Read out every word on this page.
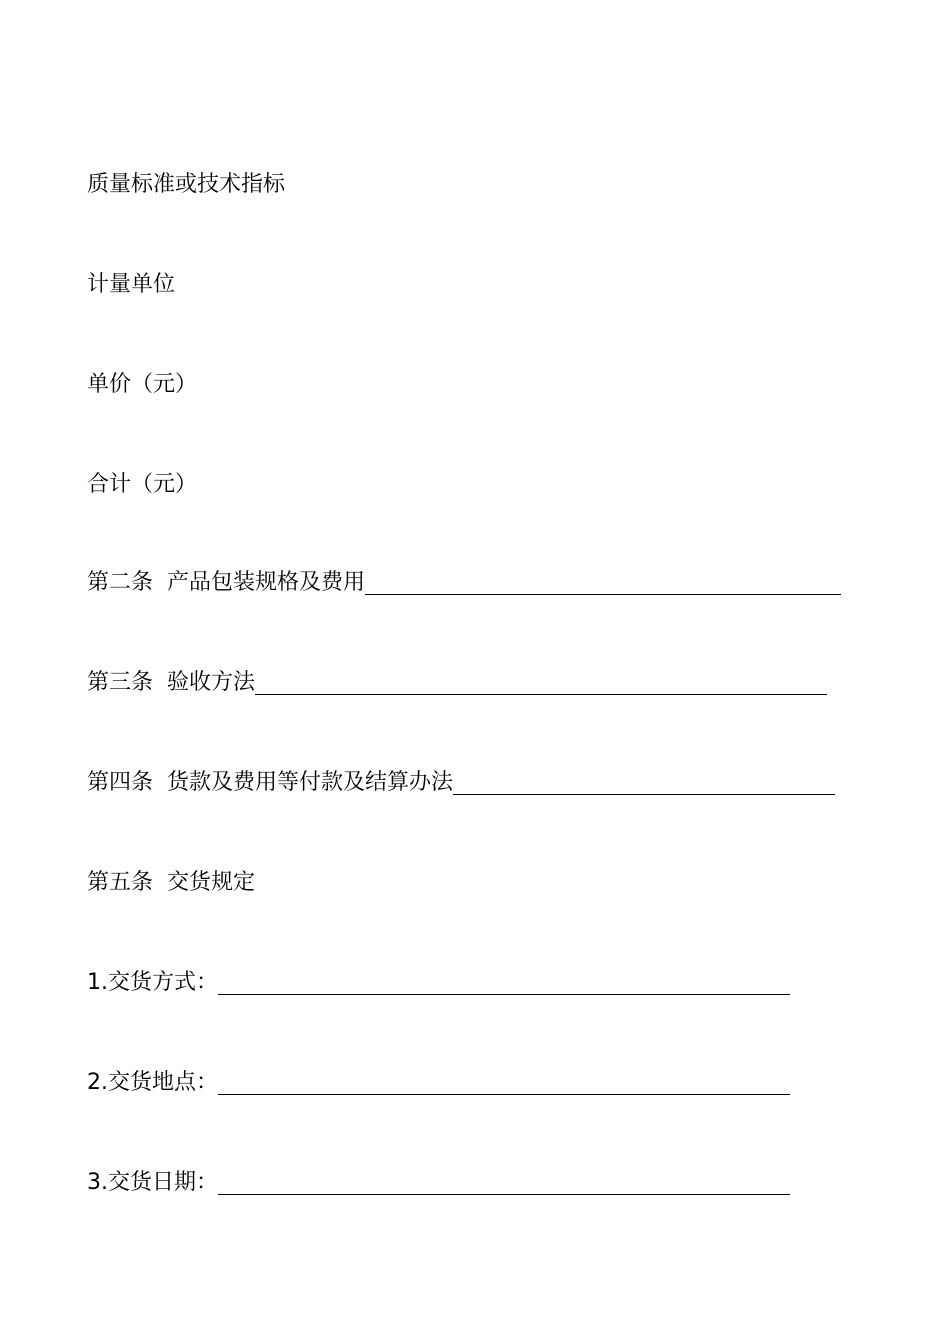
质量标准或技术指标
计量单位
单价（元）
合计（元）
第二条 产品包装规格及费用
第三条 验收方法
第四条 货款及费用等付款及结算办法
第五条 交货规定
1.交货方式：
2.交货地点：
3.交货日期：
